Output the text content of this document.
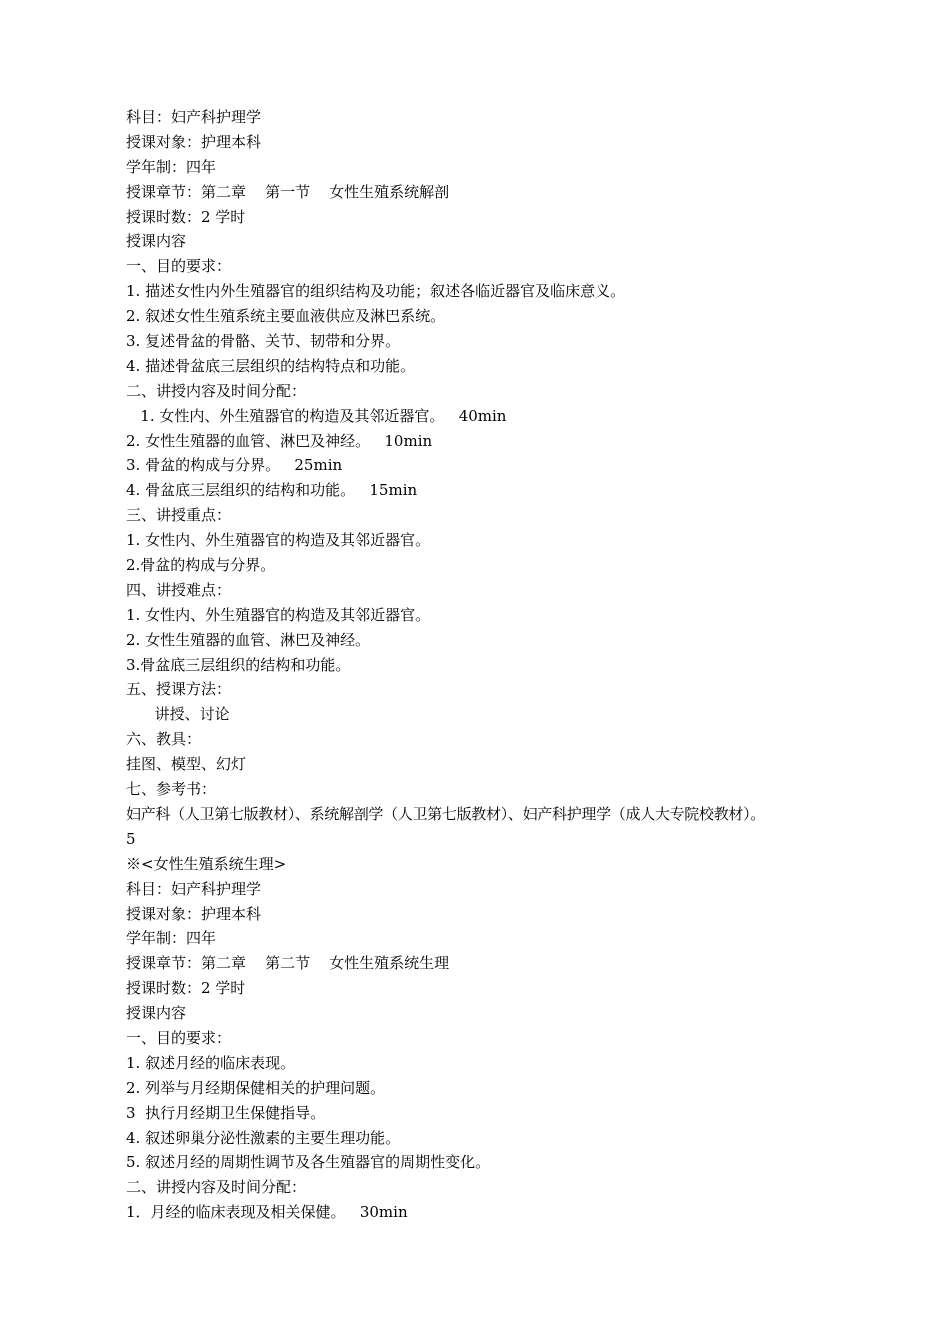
科目：妇产科护理学
授课对象：护理本科
学年制：四年
授课章节：第二章    第一节    女性生殖系统解剖
授课时数：2 学时
授课内容
一、目的要求：
1. 描述女性内外生殖器官的组织结构及功能；叙述各临近器官及临床意义。
2. 叙述女性生殖系统主要血液供应及淋巴系统。
3. 复述骨盆的骨骼、关节、韧带和分界。
4. 描述骨盆底三层组织的结构特点和功能。
二、讲授内容及时间分配：
1. 女性内、外生殖器官的构造及其邻近器官。   40min
2. 女性生殖器的血管、淋巴及神经。   10min
3. 骨盆的构成与分界。   25min
4. 骨盆底三层组织的结构和功能。   15min
三、讲授重点：
1. 女性内、外生殖器官的构造及其邻近器官。
2.骨盆的构成与分界。
四、讲授难点：
1. 女性内、外生殖器官的构造及其邻近器官。
2. 女性生殖器的血管、淋巴及神经。
3.骨盆底三层组织的结构和功能。
五、授课方法：
讲授、讨论
六、教具：
挂图、模型、幻灯
七、参考书：
妇产科（人卫第七版教材）、系统解剖学（人卫第七版教材）、妇产科护理学（成人大专院校教材）。
5
※<女性生殖系统生理>
科目：妇产科护理学
授课对象：护理本科
学年制：四年
授课章节：第二章    第二节    女性生殖系统生理
授课时数：2 学时
授课内容
一、目的要求：
1. 叙述月经的临床表现。
2. 列举与月经期保健相关的护理问题。
3  执行月经期卫生保健指导。
4. 叙述卵巢分泌性激素的主要生理功能。
5. 叙述月经的周期性调节及各生殖器官的周期性变化。
二、讲授内容及时间分配：
1．月经的临床表现及相关保健。   30min
